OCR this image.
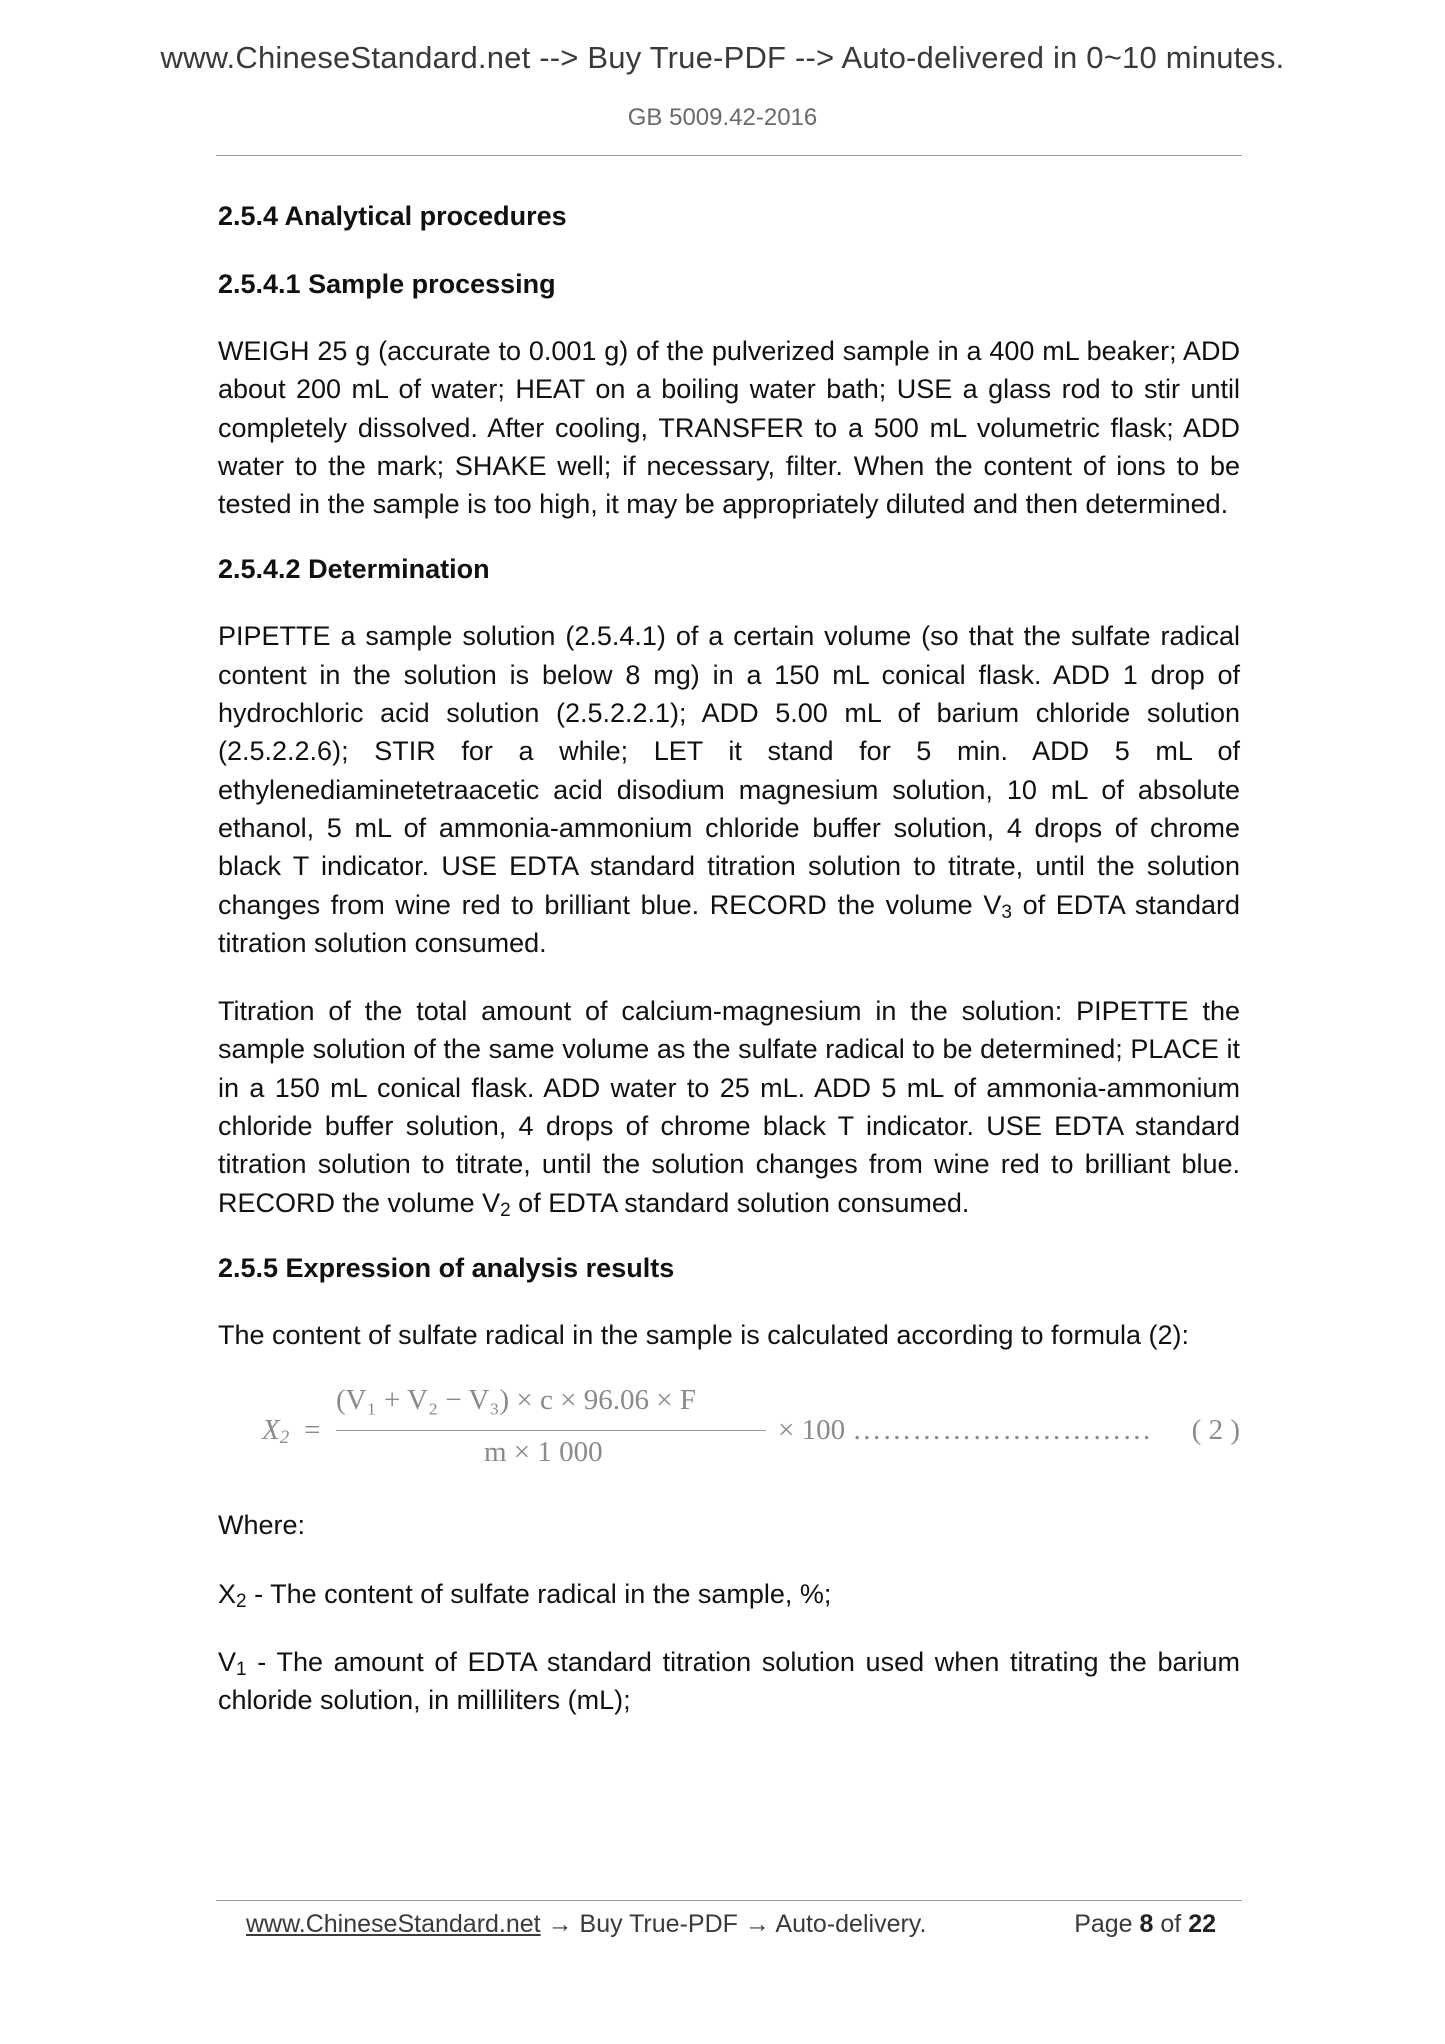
www.ChineseStandard.net --> Buy True-PDF --> Auto-delivered in 0~10 minutes.
GB 5009.42-2016
2.5.4 Analytical procedures
2.5.4.1 Sample processing

WEIGH 25 g (accurate to 0.001 g) of the pulverized sample in a 400 mL beaker; ADD about 200 mL of water; HEAT on a boiling water bath; USE a glass rod to stir until completely dissolved. After cooling, TRANSFER to a 500 mL volumetric flask; ADD water to the mark; SHAKE well; if necessary, filter. When the content of ions to be tested in the sample is too high, it may be appropriately diluted and then determined.

2.5.4.2 Determination

PIPETTE a sample solution (2.5.4.1) of a certain volume (so that the sulfate radical content in the solution is below 8 mg) in a 150 mL conical flask. ADD 1 drop of hydrochloric acid solution (2.5.2.2.1); ADD 5.00 mL of barium chloride solution (2.5.2.2.6); STIR for a while; LET it stand for 5 min. ADD 5 mL of ethylenediaminetetraacetic acid disodium magnesium solution, 10 mL of absolute ethanol, 5 mL of ammonia-ammonium chloride buffer solution, 4 drops of chrome black T indicator. USE EDTA standard titration solution to titrate, until the solution changes from wine red to brilliant blue. RECORD the volume $V_3$ of EDTA standard titration solution consumed.

Titration of the total amount of calcium-magnesium in the solution: PIPETTE the sample solution of the same volume as the sulfate radical to be determined; PLACE it in a 150 mL conical flask. ADD water to 25 mL. ADD 5 mL of ammonia-ammonium chloride buffer solution, 4 drops of chrome black T indicator. USE EDTA standard titration solution to titrate, until the solution changes from wine red to brilliant blue. RECORD the volume $V_2$ of EDTA standard solution consumed.

2.5.5 Expression of analysis results

The content of sulfate radical in the sample is calculated according to formula (2):

$X_2$ =
(V₁ + V₂ − V₃) × c × 96.06 × F
m × 1 000
× 100 ………………………… ( 2 )

Where:

$X_2$ - The content of sulfate radical in the sample, %;

$V_1$ - The amount of EDTA standard titration solution used when titrating the barium chloride solution, in milliliters (mL);

www.ChineseStandard.net → Buy True-PDF → Auto-delivery.	Page 8 of 22
